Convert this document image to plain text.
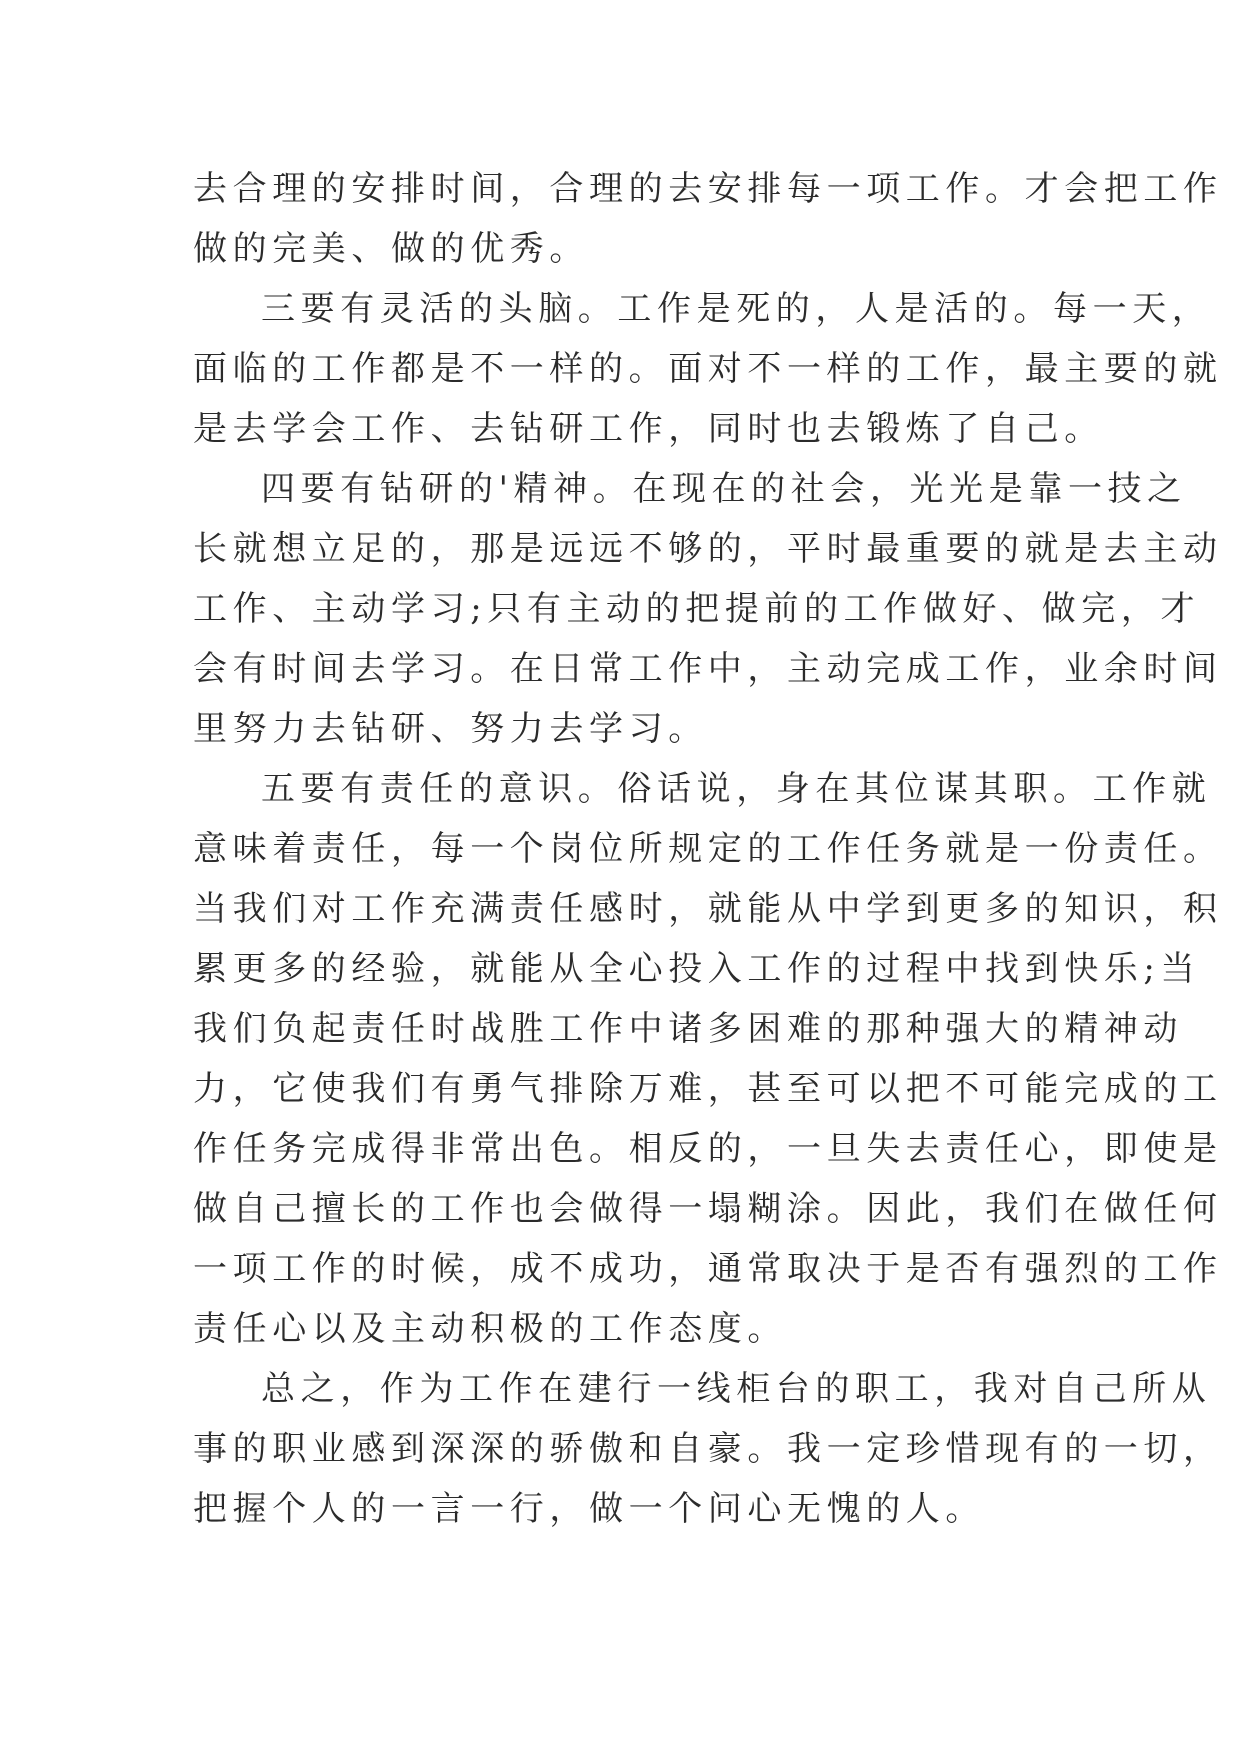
去合理的安排时间，合理的去安排每一项工作。才会把工作
做的完美、做的优秀。
三要有灵活的头脑。工作是死的，人是活的。每一天，
面临的工作都是不一样的。面对不一样的工作，最主要的就
是去学会工作、去钻研工作，同时也去锻炼了自己。
四要有钻研的'精神。在现在的社会，光光是靠一技之
长就想立足的，那是远远不够的，平时最重要的就是去主动
工作、主动学习;只有主动的把提前的工作做好、做完，才
会有时间去学习。在日常工作中，主动完成工作，业余时间
里努力去钻研、努力去学习。
五要有责任的意识。俗话说，身在其位谋其职。工作就
意味着责任，每一个岗位所规定的工作任务就是一份责任。
当我们对工作充满责任感时，就能从中学到更多的知识，积
累更多的经验，就能从全心投入工作的过程中找到快乐;当
我们负起责任时战胜工作中诸多困难的那种强大的精神动
力，它使我们有勇气排除万难，甚至可以把不可能完成的工
作任务完成得非常出色。相反的，一旦失去责任心，即使是
做自己擅长的工作也会做得一塌糊涂。因此，我们在做任何
一项工作的时候，成不成功，通常取决于是否有强烈的工作
责任心以及主动积极的工作态度。
总之，作为工作在建行一线柜台的职工，我对自己所从
事的职业感到深深的骄傲和自豪。我一定珍惜现有的一切，
把握个人的一言一行，做一个问心无愧的人。
